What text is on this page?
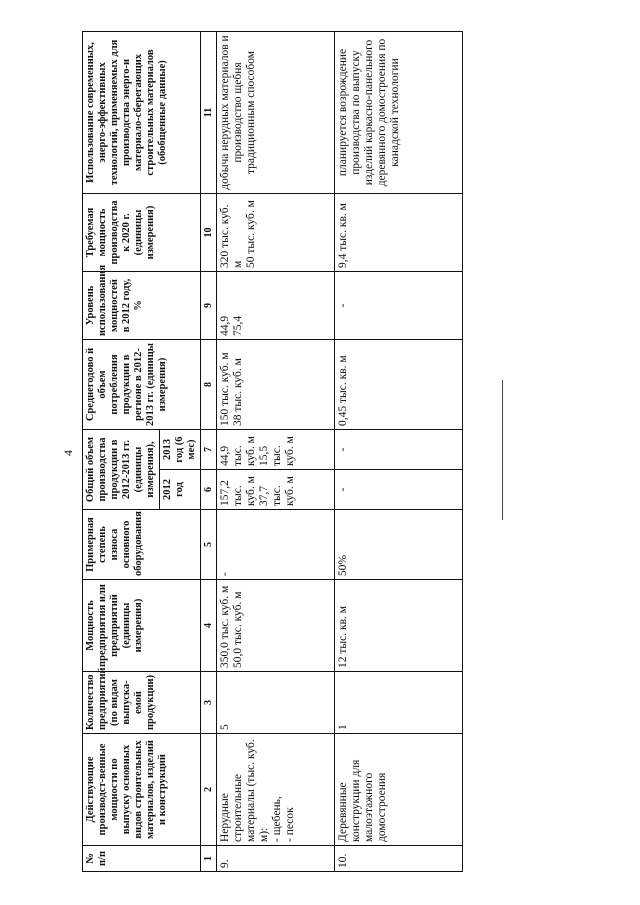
4
№ п/п	Действующие производст-венные мощности по выпуску основных видов строительных материалов, изделий и конструкций	Количество предприятий (по видам выпуска-емой продукции)	Мощность предприятия или предприятий (единицы измерения)	Примерная степень износа основного оборудования	Общий объем производства продукции в 2012-2013 гг. (единицы измерения),		Среднегодово й объем потребления продукции в регионе в 2012-2013 гг. (единицы измерения)	Уровень использования мощностей в 2012 году, %	Требуемая мощность производства к 2020 г. (единицы измерения)	Использование современных, энерго-эффективных технологий, применяемых для производства энерго-и материало-сберегающих строительных материалов (обобщенные данные)
					2012 год	2013 год (6 мес)				
1	2	3	4	5	6	7	8	9	10	11
9.	Нерудные строительные материалы (тыс. куб. м): - щебень, - песок	5	350,0 тыс. куб. м 50,0 тыс. куб. м	-	157,2 тыс. куб. м 37,7 тыс. куб. м	44,9 тыс. куб. м 15,5 тыс. куб. м	150 тыс. куб. м 38 тыс. куб. м	44,9 75,4	320 тыс. куб. м 50 тыс. куб. м	добыча нерудных материалов и производство щебня традиционным способом
10.	Деревянные конструкции для малоэтажного домостроения	1	12 тыс. кв. м	50%	-	-	0,45 тыс. кв. м	-	9,4 тыс. кв. м	планируется возрождение производства по выпуску изделий каркасно-панельного деревянного домостроения по канадской технологии
